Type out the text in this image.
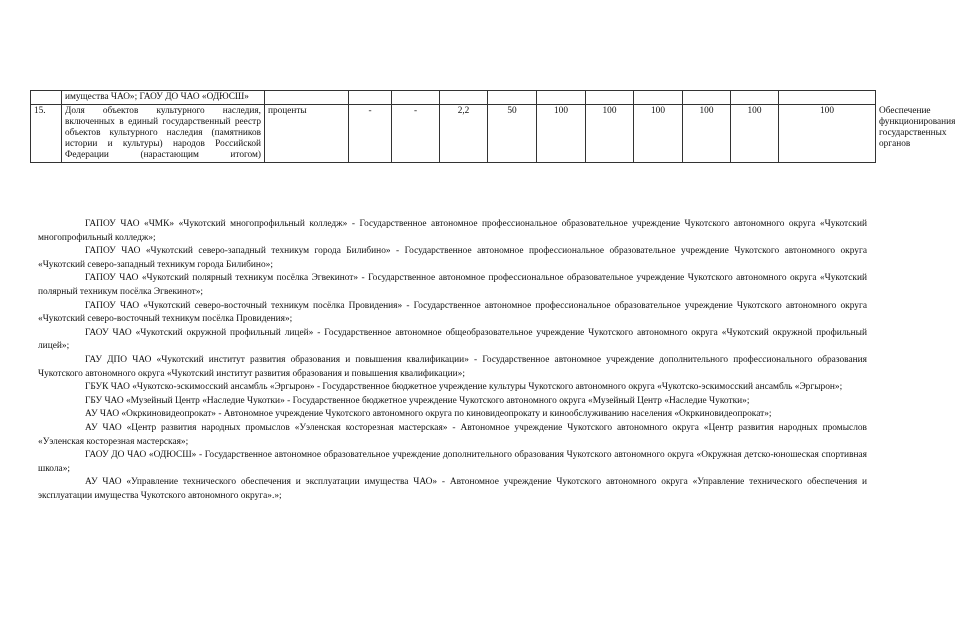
	имущества ЧАО»; ГАОУ ДО ЧАО «ОДЮСШ»												
15.	Доля объектов культурного наследия, включенных в единый государственный реестр объектов культурного наследия (памятников истории и культуры) народов Российской Федерации (нарастающим итогом)	проценты	-	-	2,2	50	100	100	100	100	100	100	Обеспечение функционирования государственных органов

ГАПОУ ЧАО «ЧМК» «Чукотский многопрофильный колледж» - Государственное автономное профессиональное образовательное учреждение Чукотского автономного округа «Чукотский многопрофильный колледж»;

ГАПОУ ЧАО «Чукотский северо-западный техникум города Билибино» - Государственное автономное профессиональное образовательное учреждение Чукотского автономного округа «Чукотский северо-западный техникум города Билибино»;

ГАПОУ ЧАО «Чукотский полярный техникум посёлка Эгвекинот» - Государственное автономное профессиональное образовательное учреждение Чукотского автономного округа «Чукотский полярный техникум посёлка Эгвекинот»;

ГАПОУ ЧАО «Чукотский северо-восточный техникум посёлка Провидения» - Государственное автономное профессиональное образовательное учреждение Чукотского автономного округа «Чукотский северо-восточный техникум посёлка Провидения»;

ГАОУ ЧАО «Чукотский окружной профильный лицей» - Государственное автономное общеобразовательное учреждение Чукотского автономного округа «Чукотский окружной профильный лицей»;

ГАУ ДПО ЧАО «Чукотский институт развития образования и повышения квалификации» - Государственное автономное учреждение дополнительного профессионального образования Чукотского автономного округа «Чукотский институт развития образования и повышения квалификации»;

ГБУК ЧАО «Чукотско-эскимосский ансамбль «Эргырон» - Государственное бюджетное учреждение культуры Чукотского автономного округа «Чукотско-эскимосский ансамбль «Эргырон»;

ГБУ ЧАО «Музейный Центр «Наследие Чукотки» - Государственное бюджетное учреждение Чукотского автономного округа «Музейный Центр «Наследие Чукотки»;

АУ ЧАО «Окркиновидеопрокат» - Автономное учреждение Чукотского автономного округа по киновидеопрокату и кинообслуживанию населения «Окркиновидеопрокат»;

АУ ЧАО «Центр развития народных промыслов «Уэленская косторезная мастерская» - Автономное учреждение Чукотского автономного округа «Центр развития народных промыслов «Уэленская косторезная мастерская»;

ГАОУ ДО ЧАО «ОДЮСШ» - Государственное автономное образовательное учреждение дополнительного образования Чукотского автономного округа «Окружная детско-юношеская спортивная школа»;

АУ ЧАО «Управление технического обеспечения и эксплуатации имущества ЧАО» - Автономное учреждение Чукотского автономного округа «Управление технического обеспечения и эксплуатации имущества Чукотского автономного округа».»;
